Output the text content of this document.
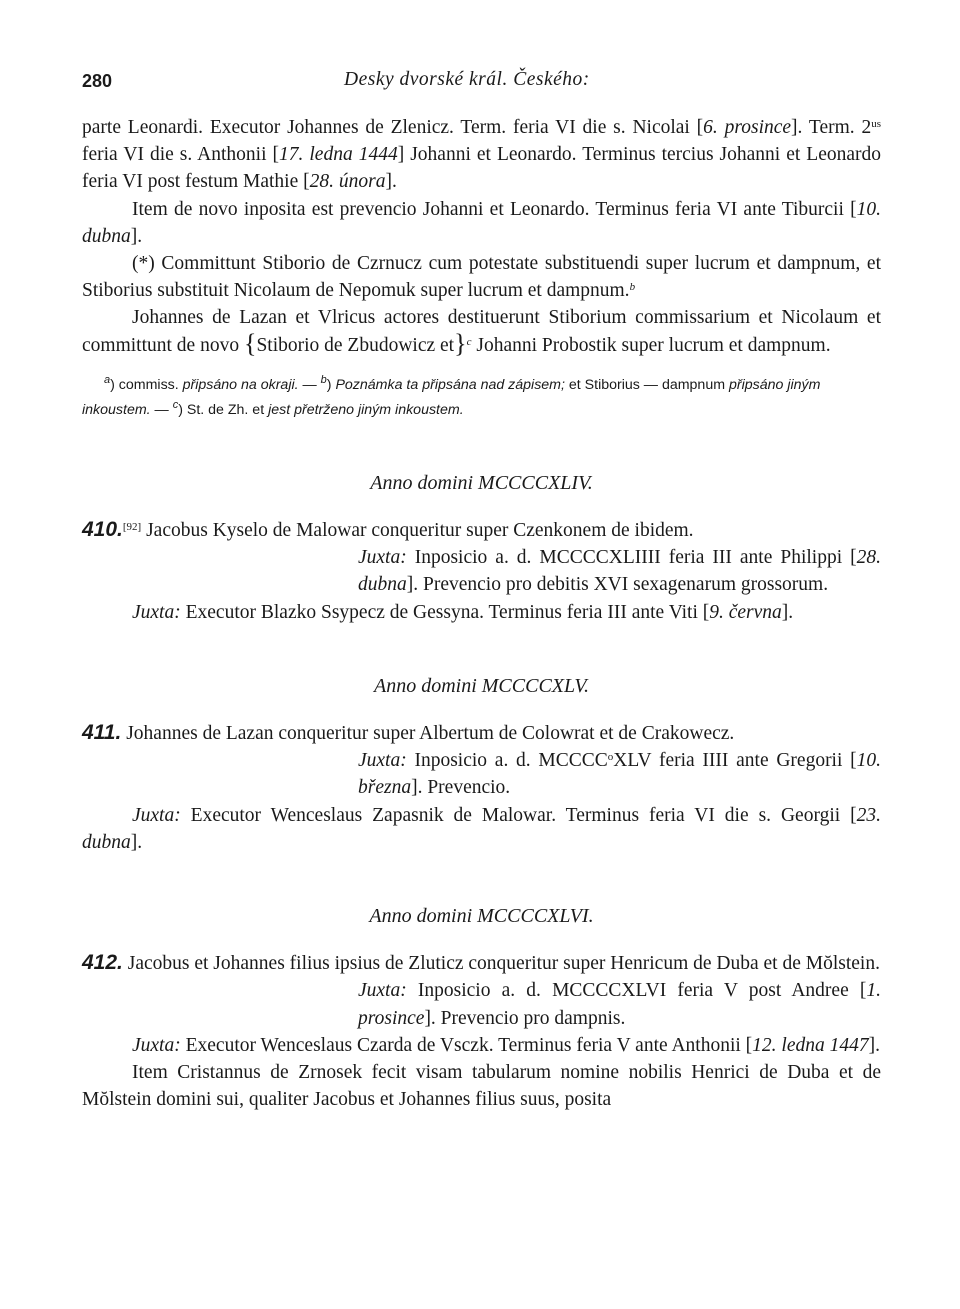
280	Desky dvorské král. Českého:

parte Leonardi. Executor Johannes de Zlenicz. Term. feria VI die s. Nicolai [6. prosince]. Term. $2^{us}$ feria VI die s. Anthonii [17. ledna 1444] Johanni et Leonardo. Terminus tercius Johanni et Leonardo feria VI post festum Mathie [28. února].

Item de novo inposita est prevencio Johanni et Leonardo. Terminus feria VI ante Tiburcii [10. dubna].

(*) Committunt Stiborio de Czrnucz cum potestate substituendi super lucrum et dampnum, et Stiborius substituit Nicolaum de Nepomuk super lucrum et dampnum.$^b$

Johannes de Lazan et Vlricus actores destituerunt Stiborium commissarium et Nicolaum et committunt de novo {Stiborio de Zbudowicz et}$^c$ Johanni Probostik super lucrum et dampnum.

$^a$) commiss. připsáno na okraji. — $^b$) Poznámka ta připsána nad zápisem; et Stiborius — dampnum připsáno jiným inkoustem. — $^c$) St. de Zh. et jest přetrženo jiným inkoustem.
Anno domini MCCCCXLIV.

410.[92] Jacobus Kyselo de Malowar conqueritur super Czenkonem de ibidem.

Juxta: Inposicio a. d. MCCCCXLIIII feria III ante Philippi [28. dubna]. Prevencio pro debitis XVI sexagenarum grossorum.

Juxta: Executor Blazko Ssypecz de Gessyna. Terminus feria III ante Viti [9. června].

Anno domini MCCCCXLV.

411. Johannes de Lazan conqueritur super Albertum de Colowrat et de Crakowecz.

Juxta: Inposicio a. d. MCCCC$^o$XLV feria IIII ante Gregorii [10. března]. Prevencio.

Juxta: Executor Wenceslaus Zapasnik de Malowar. Terminus feria VI die s. Georgii [23. dubna].

Anno domini MCCCCXLVI.

412. Jacobus et Johannes filius ipsius de Zluticz conqueritur super Henricum de Duba et de Mŏlstein.

Juxta: Inposicio a. d. MCCCCXLVI feria V post Andree [1. prosince]. Prevencio pro dampnis.

Juxta: Executor Wenceslaus Czarda de Vsczk. Terminus feria V ante Anthonii [12. ledna 1447].

Item Cristannus de Zrnosek fecit visam tabularum nomine nobilis Henrici de Duba et de Mŏlstein domini sui, qualiter Jacobus et Johannes filius suus, posita
